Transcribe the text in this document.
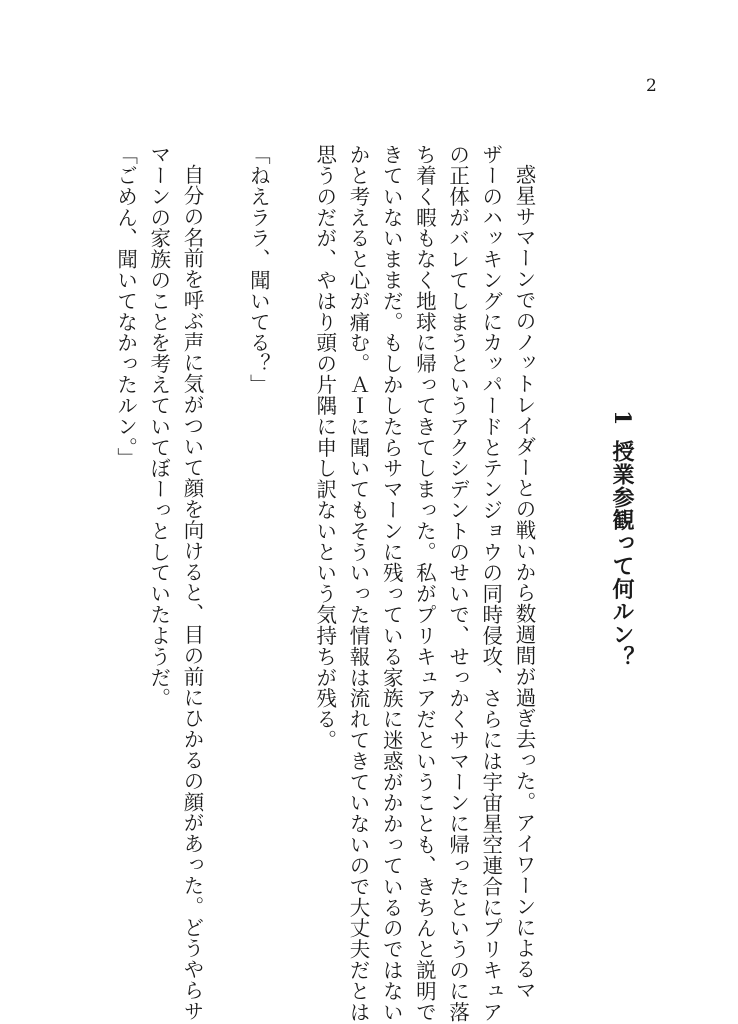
2
1授業参観って何ルン？

惑星サマーンでのノットレイダーとの戦いから数週間が過ぎ去った。アイワーンによるマ
ザーのハッキングにカッパードとテンジョウの同時侵攻、さらには宇宙星空連合にプリキュア
の正体がバレてしまうというアクシデントのせいで、せっかくサマーンに帰ったというのに落
ち着く暇もなく地球に帰ってきてしまった。私がプリキュアだということも、きちんと説明で
きていないままだ。もしかしたらサマーンに残っている家族に迷惑がかかっているのではない
かと考えると心が痛む。ＡＩに聞いてもそういった情報は流れてきていないので大丈夫だとは
思うのだが、やはり頭の片隅に申し訳ないという気持ちが残る。

「ねえララ、聞いてる？」

自分の名前を呼ぶ声に気がついて顔を向けると、目の前にひかるの顔があった。どうやらサ
マーンの家族のことを考えていてぼーっとしていたようだ。

「ごめん、聞いてなかったルン。」
